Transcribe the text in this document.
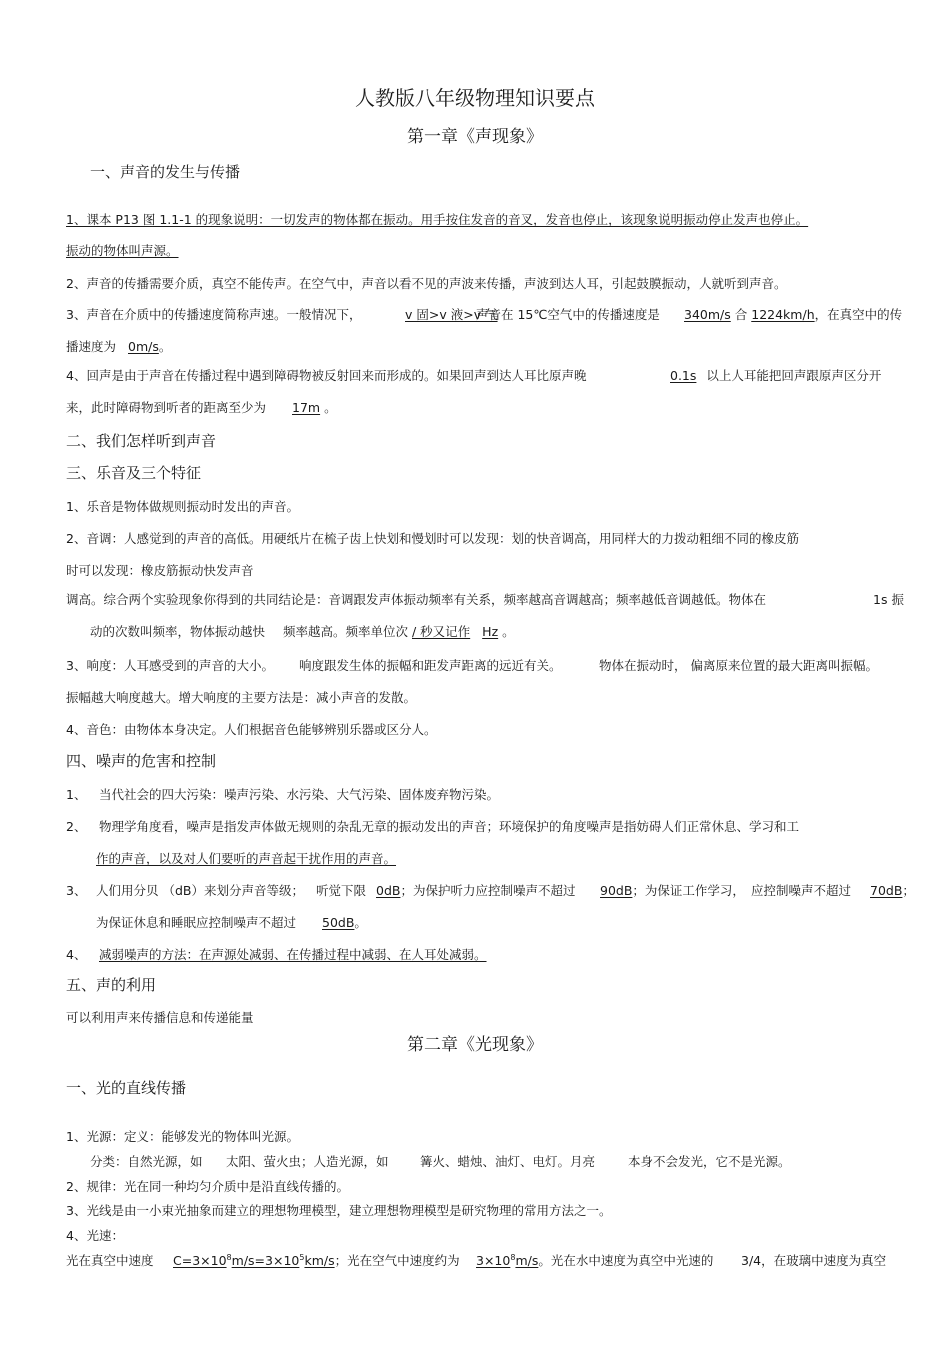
人教版八年级物理知识要点
第一章《声现象》
一、声音的发生与传播
1、课本 P13 图 1.1-1 的现象说明：一切发声的物体都在振动。用手按住发音的音叉，发音也停止，该现象说明振动停止发声也停止。
振动的物体叫声源。
2、声音的传播需要介质，真空不能传声。在空气中，声音以看不见的声波来传播，声波到达人耳，引起鼓膜振动，人就听到声音。
3、声音在介质中的传播速度简称声速。一般情况下，	v 固>v 液>v 气
声音在 15℃空气中的传播速度是 340m/s 合 1224km/h，在真空中的传
播速度为 0m/s。
4、回声是由于声音在传播过程中遇到障碍物被反射回来而形成的。如果回声到达人耳比原声晚	0.1s 以上人耳能把回声跟原声区分开
来，此时障碍物到听者的距离至少为 17m 。
二、我们怎样听到声音
三、乐音及三个特征
1、乐音是物体做规则振动时发出的声音。
2、音调：人感觉到的声音的高低。用硬纸片在梳子齿上快划和慢划时可以发现：划的快音调高，用同样大的力拨动粗细不同的橡皮筋
时可以发现：橡皮筋振动快发声音
调高。综合两个实验现象你得到的共同结论是：音调跟发声体振动频率有关系，频率越高音调越高；频率越低音调越低。物体在	1s 振
动的次数叫频率，物体振动越快 频率越高。频率单位次 / 秒又记作 Hz 。
3、响度：人耳感受到的声音的大小。 响度跟发生体的振幅和距发声距离的远近有关。	物体在振动时， 偏离原来位置的最大距离叫振幅。
振幅越大响度越大。增大响度的主要方法是：减小声音的发散。
4、音色：由物体本身决定。人们根据音色能够辨别乐器或区分人。
四、噪声的危害和控制
1、 当代社会的四大污染：噪声污染、水污染、大气污染、固体废弃物污染。
2、 物理学角度看，噪声是指发声体做无规则的杂乱无章的振动发出的声音；环境保护的角度噪声是指妨碍人们正常休息、学习和工
作的声音，以及对人们要听的声音起干扰作用的声音。
3、 人们用分贝 （dB）来划分声音等级； 听觉下限 0dB；为保护听力应控制噪声不超过 90dB；为保证工作学习， 应控制噪声不超过 70dB；
为保证休息和睡眠应控制噪声不超过 50dB。
4、 减弱噪声的方法：在声源处减弱、在传播过程中减弱、在人耳处减弱。
五、声的利用
可以利用声来传播信息和传递能量
第二章《光现象》
一、光的直线传播
1、光源：定义：能够发光的物体叫光源。
分类：自然光源，如 太阳、萤火虫；人造光源，如	篝火、蜡烛、油灯、电灯。月亮	本身不会发光，它不是光源。
2、规律：光在同一种均匀介质中是沿直线传播的。
3、光线是由一小束光抽象而建立的理想物理模型，建立理想物理模型是研究物理的常用方法之一。
4、光速：
光在真空中速度 $C=3\times 10^8m/s=3\times 10^5km/s$；光在空气中速度约为 $3\times 10^8m/s$。光在水中速度为真空中光速的 3/4，在玻璃中速度为真空
